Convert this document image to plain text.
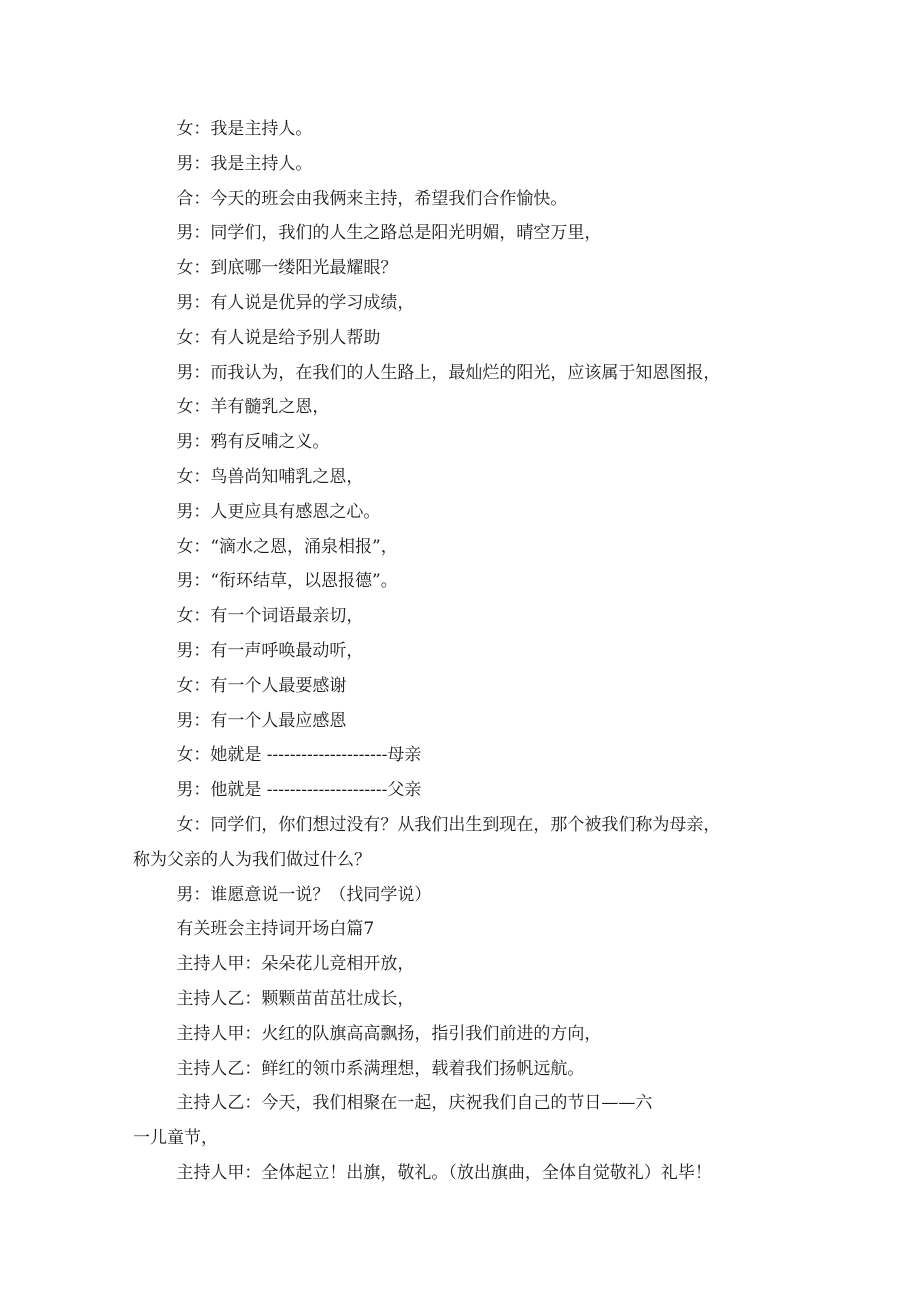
女：我是主持人。

男：我是主持人。

合：今天的班会由我俩来主持，希望我们合作愉快。

男：同学们，我们的人生之路总是阳光明媚，晴空万里，

女：到底哪一缕阳光最耀眼？

男：有人说是优异的学习成绩，

女：有人说是给予别人帮助

男：而我认为，在我们的人生路上，最灿烂的阳光，应该属于知恩图报，

女：羊有髓乳之恩，

男：鸦有反哺之义。

女：鸟兽尚知哺乳之恩，

男：人更应具有感恩之心。

女：“滴水之恩，涌泉相报”，

男：“衔环结草，以恩报德”。

女：有一个词语最亲切，

男：有一声呼唤最动听，

女：有一个人最要感谢

男：有一个人最应感恩

女：她就是 ---------------------母亲

男：他就是 ---------------------父亲

女：同学们，你们想过没有？从我们出生到现在，那个被我们称为母亲，

称为父亲的人为我们做过什么？

男：谁愿意说一说？（找同学说）

有关班会主持词开场白篇7

主持人甲：朵朵花儿竞相开放，

主持人乙：颗颗苗苗茁壮成长，

主持人甲：火红的队旗高高飘扬，指引我们前进的方向，

主持人乙：鲜红的领巾系满理想，载着我们扬帆远航。

主持人乙：今天，我们相聚在一起，庆祝我们自己的节日——六

一儿童节，

主持人甲：全体起立！出旗，敬礼。（放出旗曲，全体自觉敬礼）礼毕！
